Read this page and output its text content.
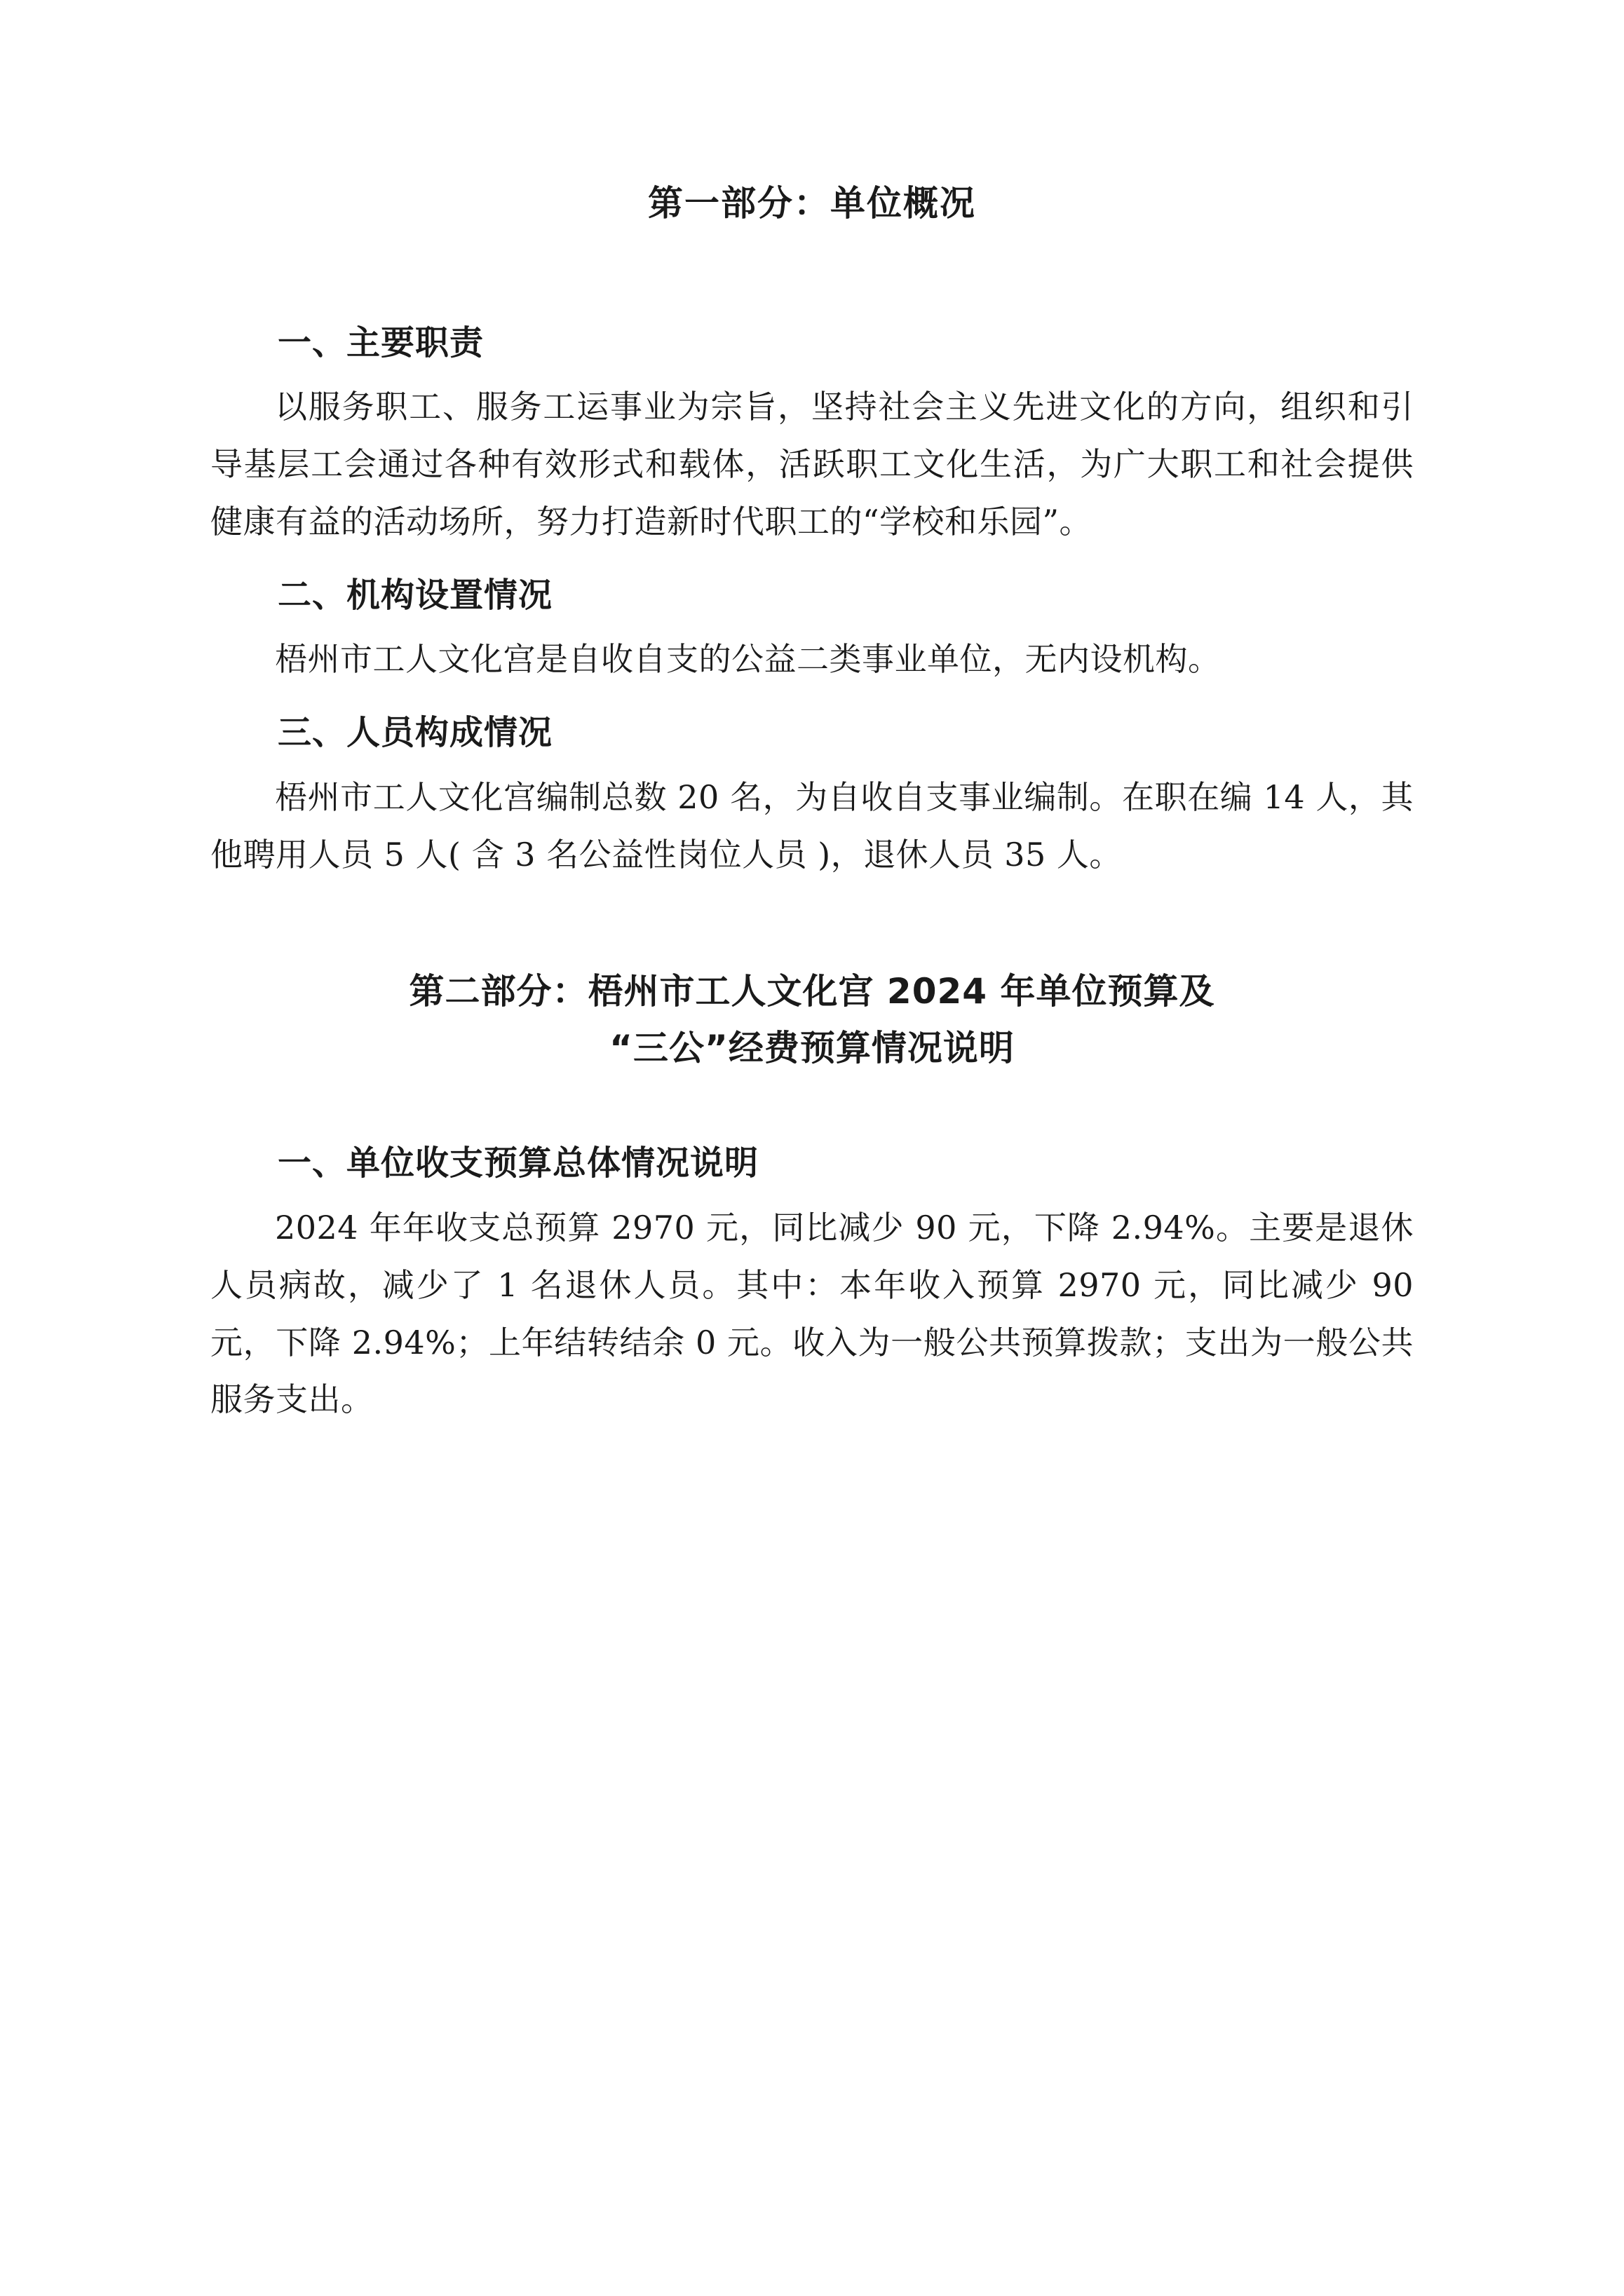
第一部分：单位概况
一、主要职责

以服务职工、服务工运事业为宗旨，坚持社会主义先进文化的方向，组织和引导基层工会通过各种有效形式和载体，活跃职工文化生活，为广大职工和社会提供健康有益的活动场所，努力打造新时代职工的“学校和乐园”。

二、机构设置情况

梧州市工人文化宫是自收自支的公益二类事业单位，无内设机构。

三、人员构成情况

梧州市工人文化宫编制总数 20 名，为自收自支事业编制。在职在编 14 人，其他聘用人员 5 人( 含 3 名公益性岗位人员 )，退休人员 35 人。

第二部分：梧州市工人文化宫 2024 年单位预算及
“三公”经费预算情况说明
一、单位收支预算总体情况说明

2024 年年收支总预算 2970 元，同比减少 90 元，下降 2.94%。主要是退休人员病故，减少了 1 名退休人员。其中：本年收入预算 2970 元，同比减少 90 元，下降 2.94%；上年结转结余 0 元。收入为一般公共预算拨款；支出为一般公共服务支出。
